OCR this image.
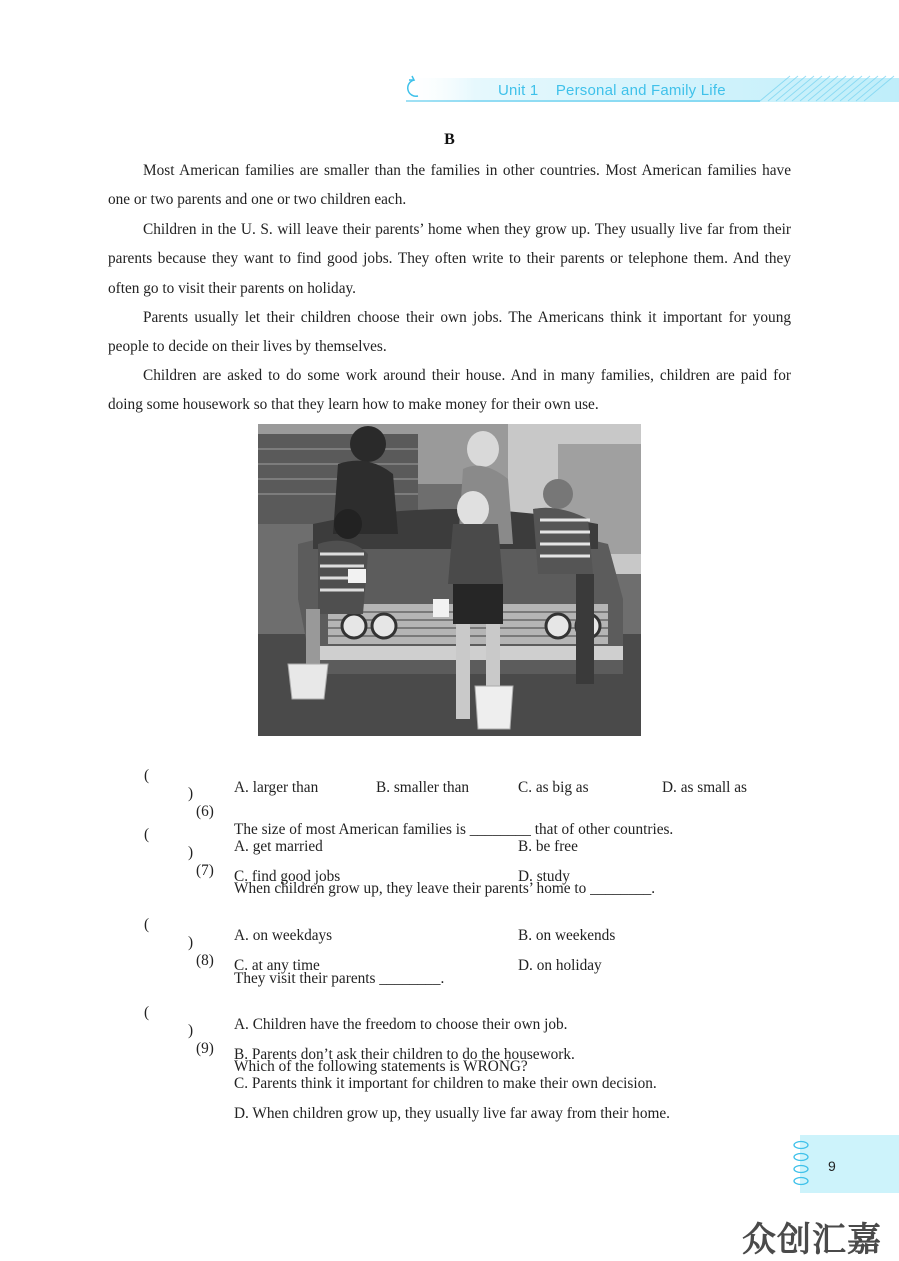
Unit 1    Personal and Family Life
B

Most American families are smaller than the families in other countries. Most American families have one or two parents and one or two children each.

Children in the U. S. will leave their parents’ home when they grow up. They usually live far from their parents because they want to find good jobs. They often write to their parents or telephone them. And they often go to visit their parents on holiday.

Parents usually let their children choose their own jobs. The Americans think it important for young people to decide on their lives by themselves.

Children are asked to do some work around their house. And in many families, children are paid for doing some housework so that they learn how to make money for their own use.

(

)

(6)

The size of most American families is ________ that of other countries.

A. larger than	B. smaller than	C. as big as	D. as small as

(

)

(7)

When children grow up, they leave their parents’ home to ________.

A. get married	B. be free
C. find good jobs	D. study

(

)

(8)

They visit their parents ________.

A. on weekdays	B. on weekends
C. at any time	D. on holiday

(

)

(9)

Which of the following statements is WRONG?

A. Children have the freedom to choose their own job.
B. Parents don’t ask their children to do the housework.
C. Parents think it important for children to make their own decision.
D. When children grow up, they usually live far away from their home.
9
众创汇嘉
